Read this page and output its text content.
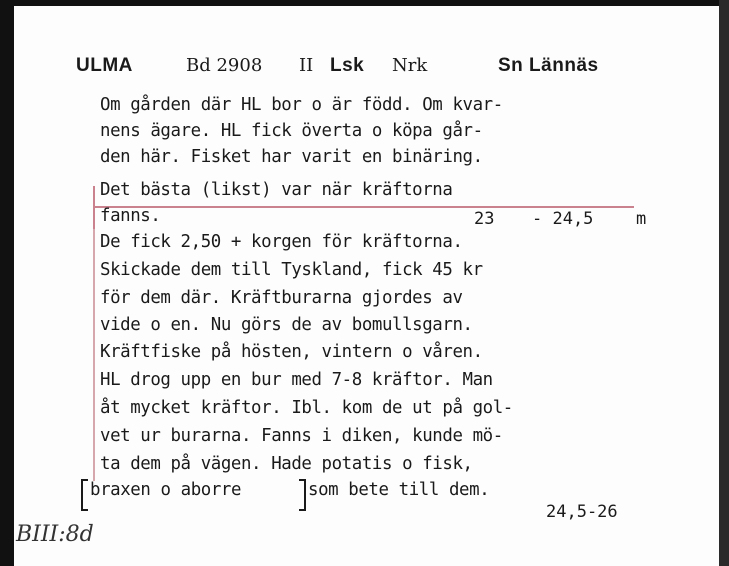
ULMA	Bd 2908 II Lsk Nrk	Sn Lännäs
Om gården där HL bor o är född. Om kvar-
nens ägare. HL fick överta o köpa går-
den här. Fisket har varit en binäring.
Det bästa (likst) var när kräftorna
fanns.
De fick 2,50 + korgen för kräftorna.
Skickade dem till Tyskland, fick 45 kr
för dem där. Kräftburarna gjordes av
vide o en. Nu görs de av bomullsgarn.
Kräftfiske på hösten, vintern o våren.
HL drog upp en bur med 7-8 kräftor. Man
åt mycket kräftor. Ibl. kom de ut på gol-
vet ur burarna. Fanns i diken, kunde mö-
ta dem på vägen. Hade potatis o fisk,
braxen o aborre	som bete till dem.
23 - 24,5	m
24,5-26
BIII:8d
